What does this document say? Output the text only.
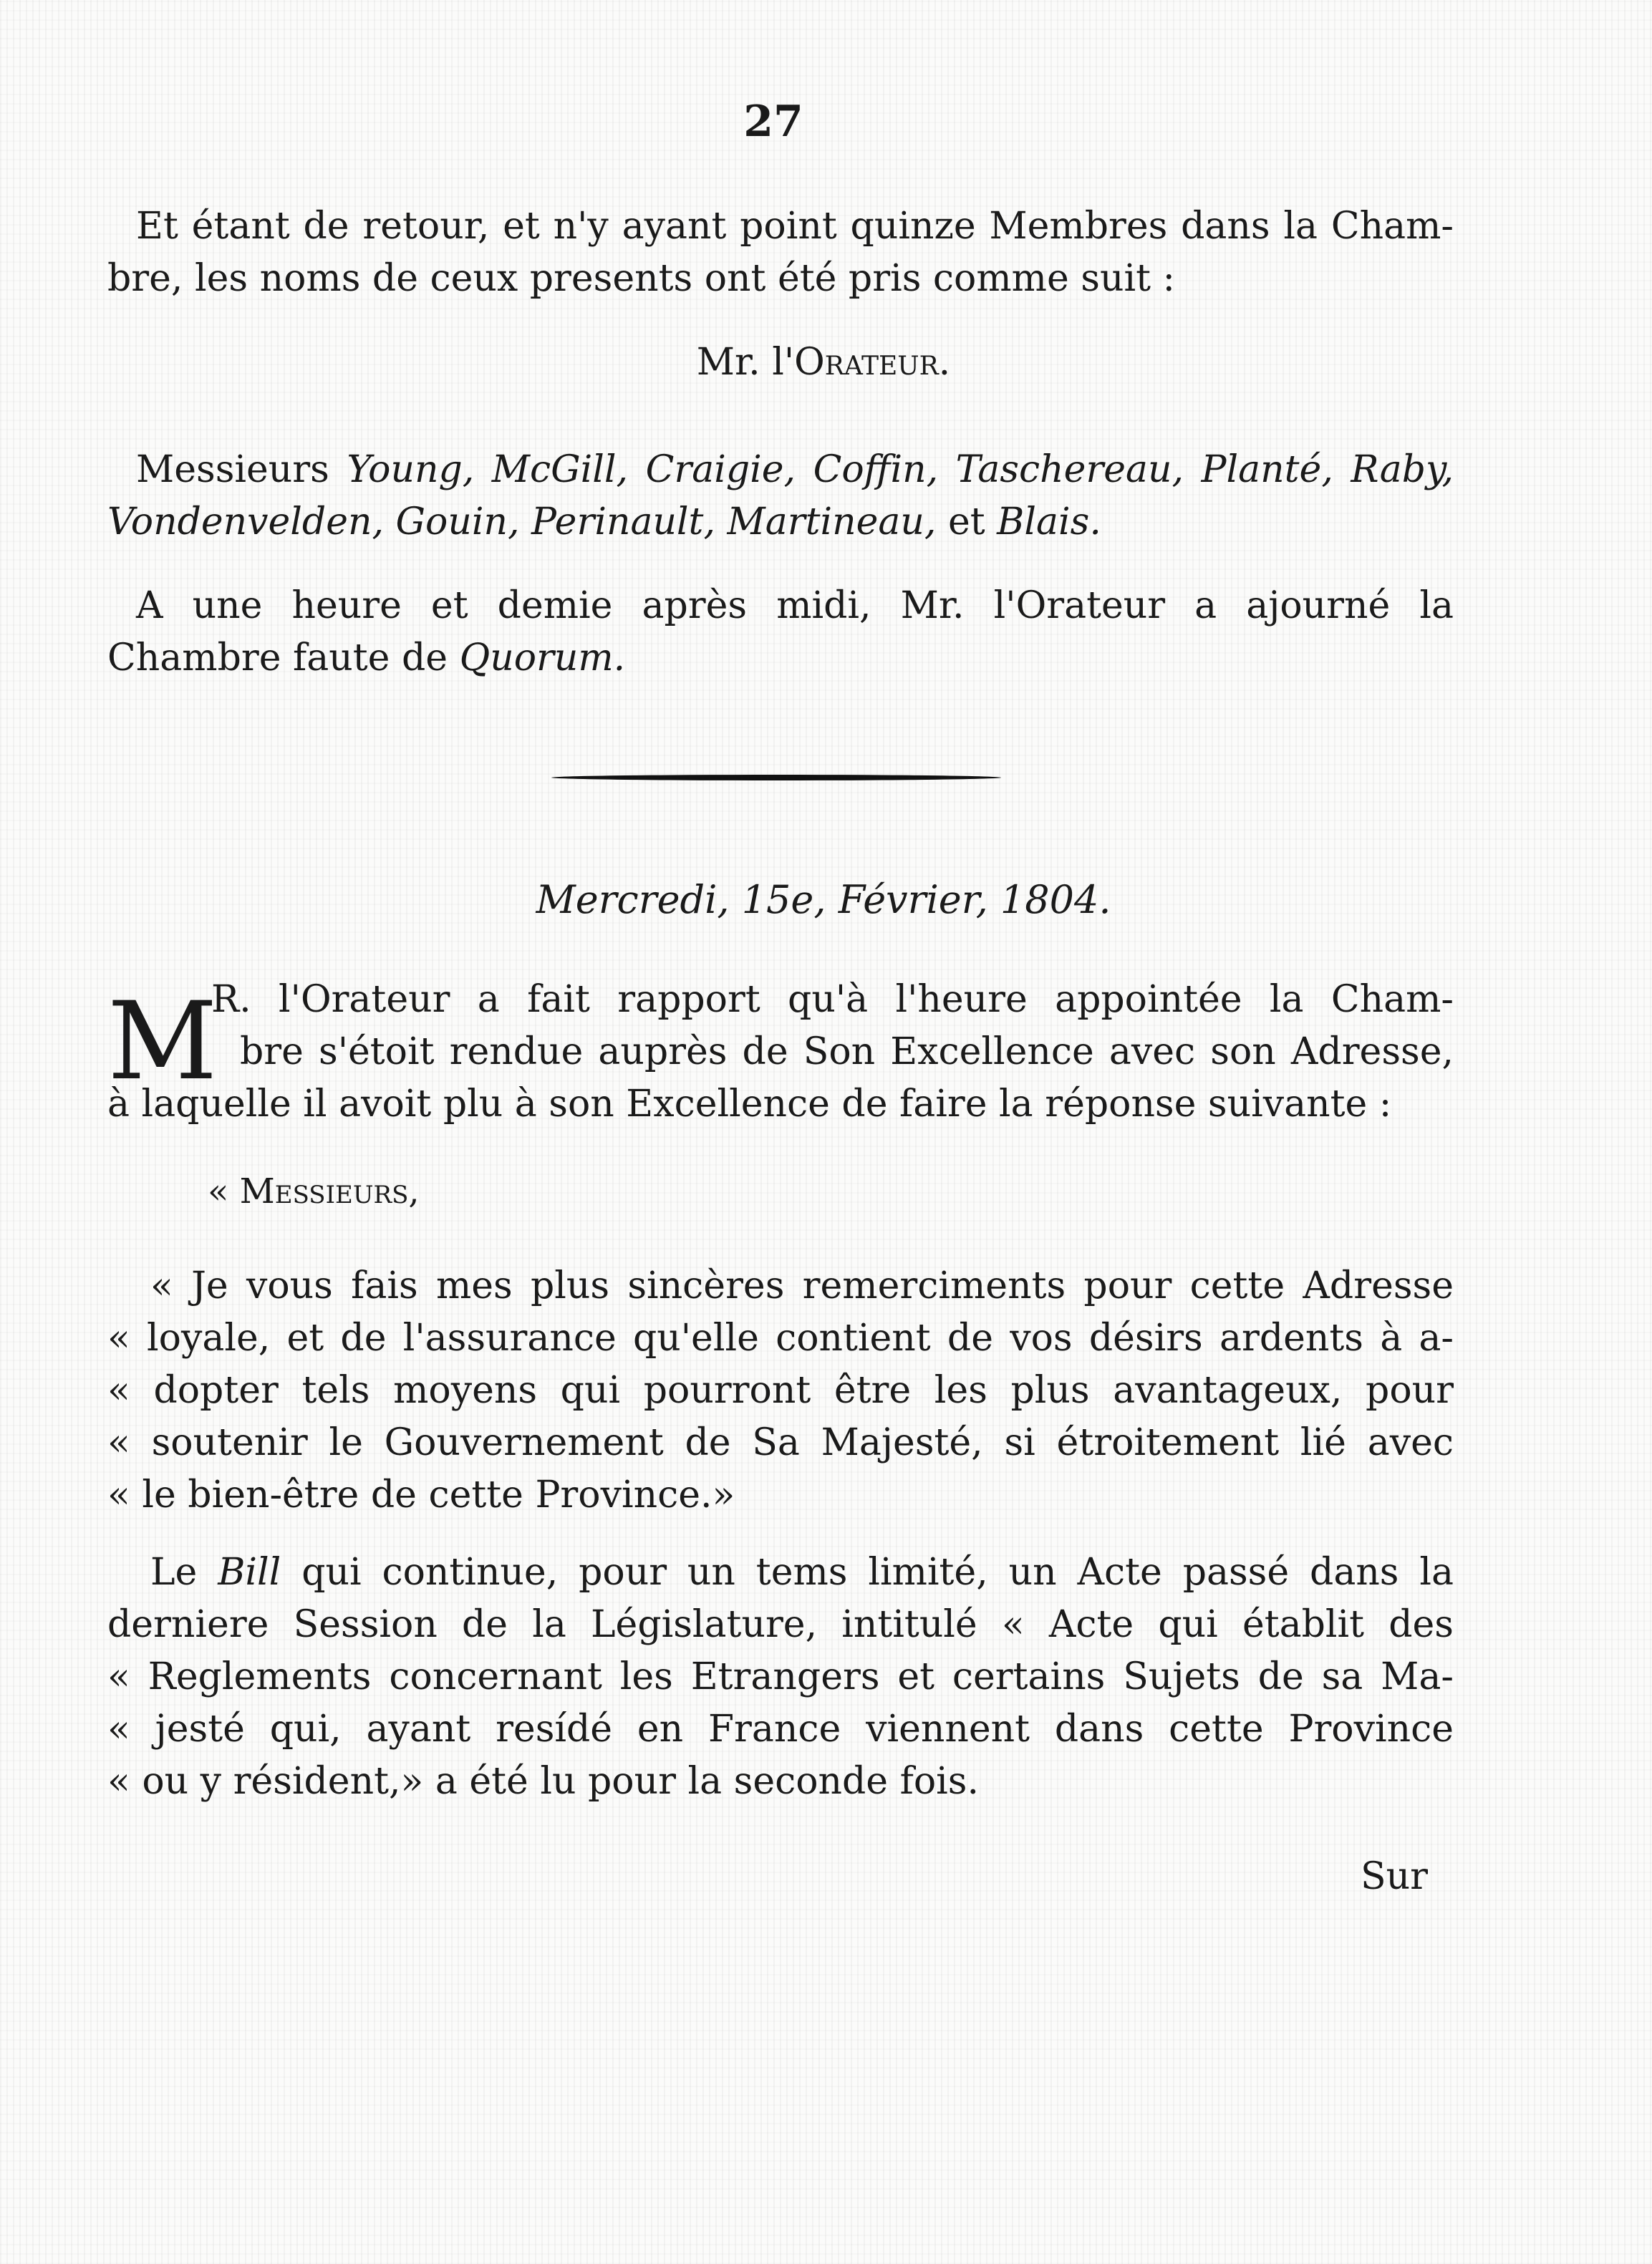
27
Et étant de retour, et n'y ayant point quinze Membres dans la Cham-
bre, les noms de ceux presents ont été pris comme suit :
Mr. l'Orateur.
Messieurs Young, McGill, Craigie, Coffin, Taschereau, Planté, Raby,
Vondenvelden, Gouin, Perinault, Martineau, et Blais.
A une heure et demie après midi, Mr. l'Orateur a ajourné la
Chambre faute de Quorum.
Mercredi, 15e, Février, 1804.
M
R. l'Orateur a fait rapport qu'à l'heure appointée la Cham-
bre s'étoit rendue auprès de Son Excellence avec son Adresse,
à laquelle il avoit plu à son Excellence de faire la réponse suivante :
« Messieurs,
« Je vous fais mes plus sincères remerciments pour cette Adresse
« loyale, et de l'assurance qu'elle contient de vos désirs ardents à a-
« dopter tels moyens qui pourront être les plus avantageux, pour
« soutenir le Gouvernement de Sa Majesté, si étroitement lié avec
« le bien-être de cette Province.»
Le Bill qui continue, pour un tems limité, un Acte passé dans la
derniere Session de la Législature, intitulé « Acte qui établit des
« Reglements concernant les Etrangers et certains Sujets de sa Ma-
« jesté qui, ayant resídé en France viennent dans cette Province
« ou y résident,» a été lu pour la seconde fois.
Sur
